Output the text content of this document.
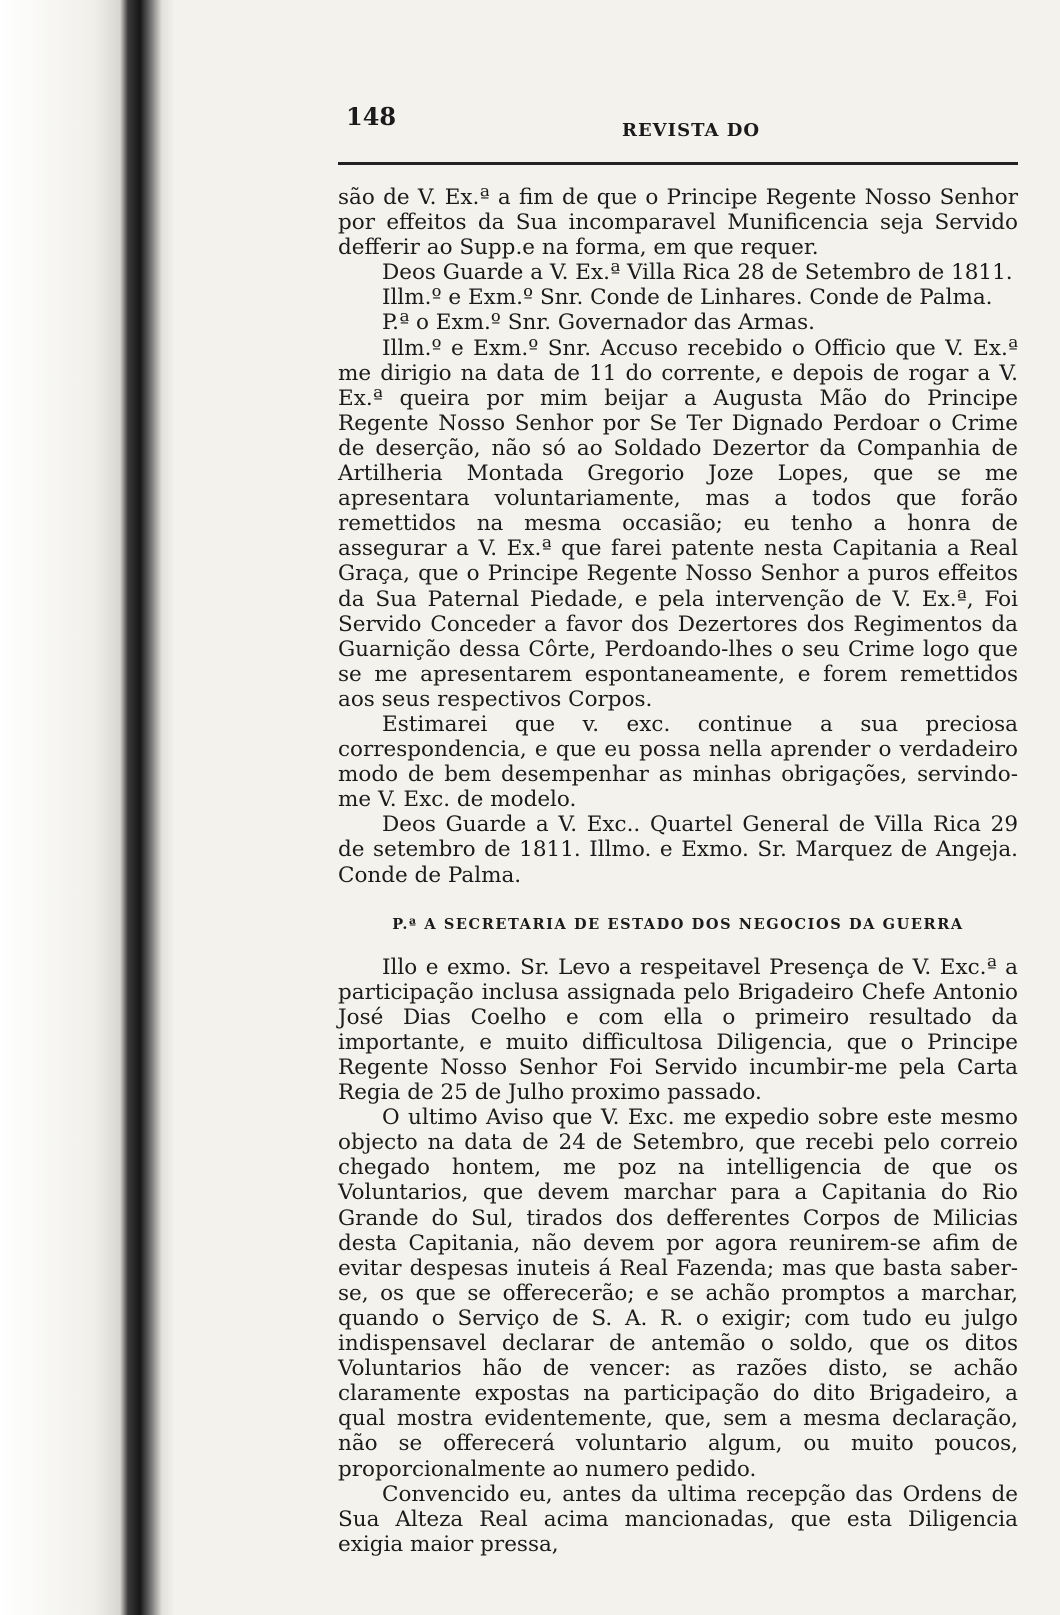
148	REVISTA DO

são de V. Ex.ª a fim de que o Principe Regente Nosso Senhor por effeitos da Sua incomparavel Munificencia seja Servido defferir ao Supp.e na forma, em que requer.

Deos Guarde a V. Ex.ª Villa Rica 28 de Setembro de 1811.

Illm.º e Exm.º Snr. Conde de Linhares. Conde de Palma.

P.ª o Exm.º Snr. Governador das Armas.

Illm.º e Exm.º Snr. Accuso recebido o Officio que V. Ex.ª me dirigio na data de 11 do corrente, e depois de rogar a V. Ex.ª queira por mim beijar a Augusta Mão do Principe Regente Nosso Senhor por Se Ter Dignado Perdoar o Crime de deserção, não só ao Soldado Dezertor da Companhia de Artilheria Montada Gregorio Joze Lopes, que se me apresentara voluntariamente, mas a todos que forão remettidos na mesma occasião; eu tenho a honra de assegurar a V. Ex.ª que farei patente nesta Capitania a Real Graça, que o Principe Regente Nosso Senhor a puros effeitos da Sua Paternal Piedade, e pela intervenção de V. Ex.ª, Foi Servido Conceder a favor dos Dezertores dos Regimentos da Guarnição dessa Côrte, Perdoando-lhes o seu Crime logo que se me apresentarem espontaneamente, e forem remettidos aos seus respectivos Corpos.

Estimarei que v. exc. continue a sua preciosa correspondencia, e que eu possa nella aprender o verdadeiro modo de bem desempenhar as minhas obrigações, servindo-me V. Exc. de modelo.

Deos Guarde a V. Exc.. Quartel General de Villa Rica 29 de setembro de 1811. Illmo. e Exmo. Sr. Marquez de Angeja. Conde de Palma.

P.ª A SECRETARIA DE ESTADO DOS NEGOCIOS DA GUERRA

Illo e exmo. Sr. Levo a respeitavel Presença de V. Exc.ª a participação inclusa assignada pelo Brigadeiro Chefe Antonio José Dias Coelho e com ella o primeiro resultado da importante, e muito difficultosa Diligencia, que o Principe Regente Nosso Senhor Foi Servido incumbir-me pela Carta Regia de 25 de Julho proximo passado.

O ultimo Aviso que V. Exc. me expedio sobre este mesmo objecto na data de 24 de Setembro, que recebi pelo correio chegado hontem, me poz na intelligencia de que os Voluntarios, que devem marchar para a Capitania do Rio Grande do Sul, tirados dos defferentes Corpos de Milicias desta Capitania, não devem por agora reunirem-se afim de evitar despesas inuteis á Real Fazenda; mas que basta saber-se, os que se offerecerão; e se achão promptos a marchar, quando o Serviço de S. A. R. o exigir; com tudo eu julgo indispensavel declarar de antemão o soldo, que os ditos Voluntarios hão de vencer: as razões disto, se achão claramente expostas na participação do dito Brigadeiro, a qual mostra evidentemente, que, sem a mesma declaração, não se offerecerá voluntario algum, ou muito poucos, proporcionalmente ao numero pedido.

Convencido eu, antes da ultima recepção das Ordens de Sua Alteza Real acima mancionadas, que esta Diligencia exigia maior pressa,
